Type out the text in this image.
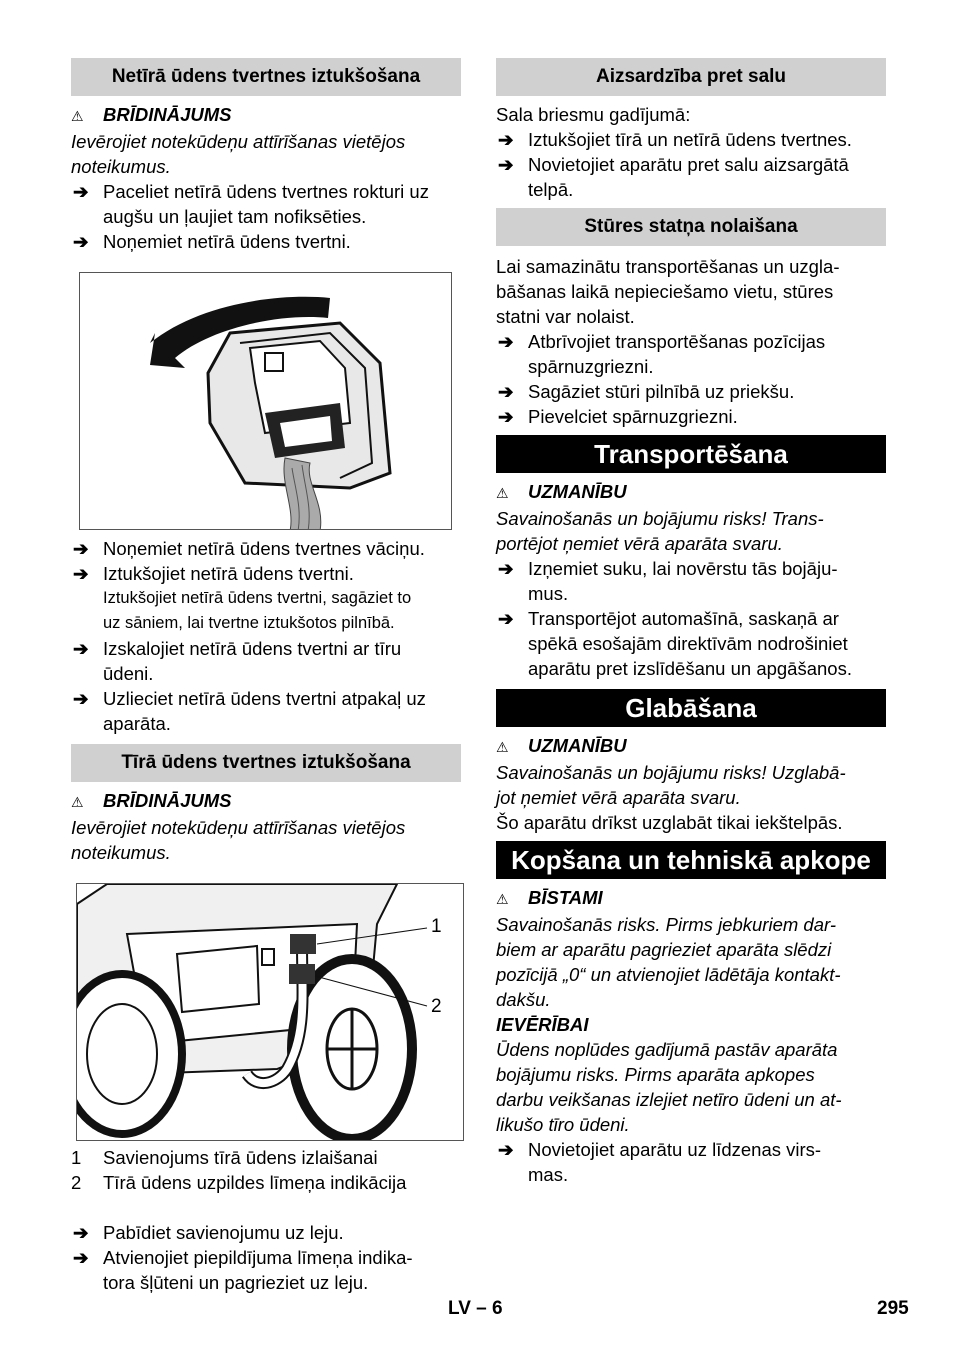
Netīrā ūdens tvertnes iztukšošana
⚠ BRĪDINĀJUMS
Ievērojiet notekūdeņu attīrīšanas vietējos
noteikumus.
➔ Paceliet netīrā ūdens tvertnes rokturi uz
augšu un ļaujiet tam nofiksēties.
➔ Noņemiet netīrā ūdens tvertni.
➔ Noņemiet netīrā ūdens tvertnes vāciņu.
➔ Iztukšojiet netīrā ūdens tvertni.
Iztukšojiet netīrā ūdens tvertni, sagāziet to
uz sāniem, lai tvertne iztukšotos pilnībā.
➔ Izskalojiet netīrā ūdens tvertni ar tīru
ūdeni.
➔ Uzlieciet netīrā ūdens tvertni atpakaļ uz
aparāta.
Tīrā ūdens tvertnes iztukšošana
⚠ BRĪDINĀJUMS
Ievērojiet notekūdeņu attīrīšanas vietējos
noteikumus.
1
2
1 Savienojums tīrā ūdens izlaišanai
2 Tīrā ūdens uzpildes līmeņa indikācija
➔ Pabīdiet savienojumu uz leju.
➔ Atvienojiet piepildījuma līmeņa indika-
tora šļūteni un pagrieziet uz leju.
Aizsardzība pret salu
Sala briesmu gadījumā:
➔ Iztukšojiet tīrā un netīrā ūdens tvertnes.
➔ Novietojiet aparātu pret salu aizsargātā
telpā.
Stūres statņa nolaišana
Lai samazinātu transportēšanas un uzgla-
bāšanas laikā nepieciešamo vietu, stūres
statni var nolaist.
➔ Atbrīvojiet transportēšanas pozīcijas
spārnuzgriezni.
➔ Sagāziet stūri pilnībā uz priekšu.
➔ Pievelciet spārnuzgriezni.
Transportēšana
⚠ UZMANĪBU
Savainošanās un bojājumu risks! Trans-
portējot ņemiet vērā aparāta svaru.
➔ Izņemiet suku, lai novērstu tās bojāju-
mus.
➔ Transportējot automašīnā, saskaņā ar
spēkā esošajām direktīvām nodrošiniet
aparātu pret izslīdēšanu un apgāšanos.
Glabāšana
⚠ UZMANĪBU
Savainošanās un bojājumu risks! Uzglabā-
jot ņemiet vērā aparāta svaru.
Šo aparātu drīkst uzglabāt tikai iekštelpās.
Kopšana un tehniskā apkope
⚠ BĪSTAMI
Savainošanās risks. Pirms jebkuriem dar-
biem ar aparātu pagrieziet aparāta slēdzi
pozīcijā „0“ un atvienojiet lādētāja kontakt-
dakšu.
IEVĒRĪBAI
Ūdens noplūdes gadījumā pastāv aparāta
bojājumu risks. Pirms aparāta apkopes
darbu veikšanas izlejiet netīro ūdeni un at-
likušo tīro ūdeni.
➔ Novietojiet aparātu uz līdzenas virs-
mas.
LV – 6	295
